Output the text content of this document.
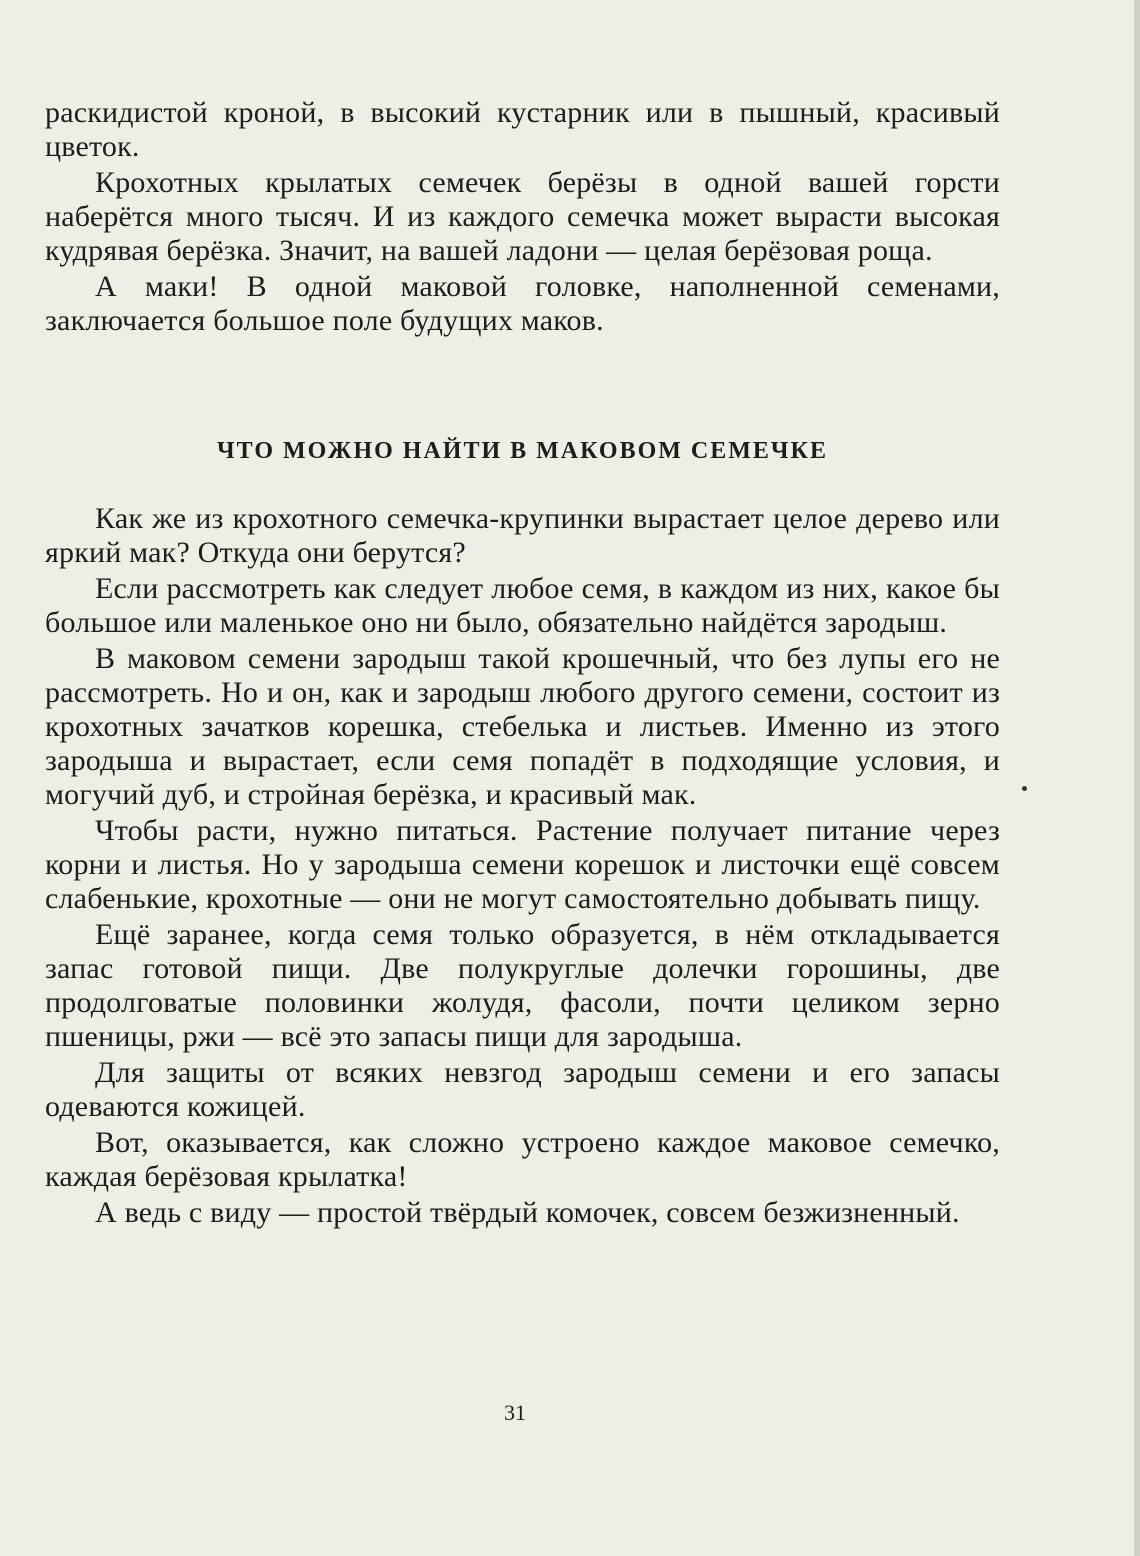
раскидистой кроной, в высокий кустарник или в пышный, красивый цветок.

Крохотных крылатых семечек берёзы в одной вашей горсти наберётся много тысяч. И из каждого семечка может вырасти высокая кудрявая берёзка. Значит, на вашей ладони — целая берёзовая роща.

А маки! В одной маковой головке, наполненной семенами, заключается большое поле будущих маков.

ЧТО МОЖНО НАЙТИ В МАКОВОМ СЕМЕЧКЕ

Как же из крохотного семечка-крупинки вырастает целое дерево или яркий мак? Откуда они берутся?

Если рассмотреть как следует любое семя, в каждом из них, какое бы большое или маленькое оно ни было, обязательно найдётся зародыш.

В маковом семени зародыш такой крошечный, что без лупы его не рассмотреть. Но и он, как и зародыш любого другого семени, состоит из крохотных зачатков корешка, стебелька и листьев. Именно из этого зародыша и вырастает, если семя попадёт в подходящие условия, и могучий дуб, и стройная берёзка, и красивый мак.

Чтобы расти, нужно питаться. Растение получает питание через корни и листья. Но у зародыша семени корешок и листочки ещё совсем слабенькие, крохотные — они не могут самостоятельно добывать пищу.

Ещё заранее, когда семя только образуется, в нём откладывается запас готовой пищи. Две полукруглые долечки горошины, две продолговатые половинки жолудя, фасоли, почти целиком зерно пшеницы, ржи — всё это запасы пищи для зародыша.

Для защиты от всяких невзгод зародыш семени и его запасы одеваются кожицей.

Вот, оказывается, как сложно устроено каждое маковое семечко, каждая берёзовая крылатка!

А ведь с виду — простой твёрдый комочек, совсем безжизненный.

31
